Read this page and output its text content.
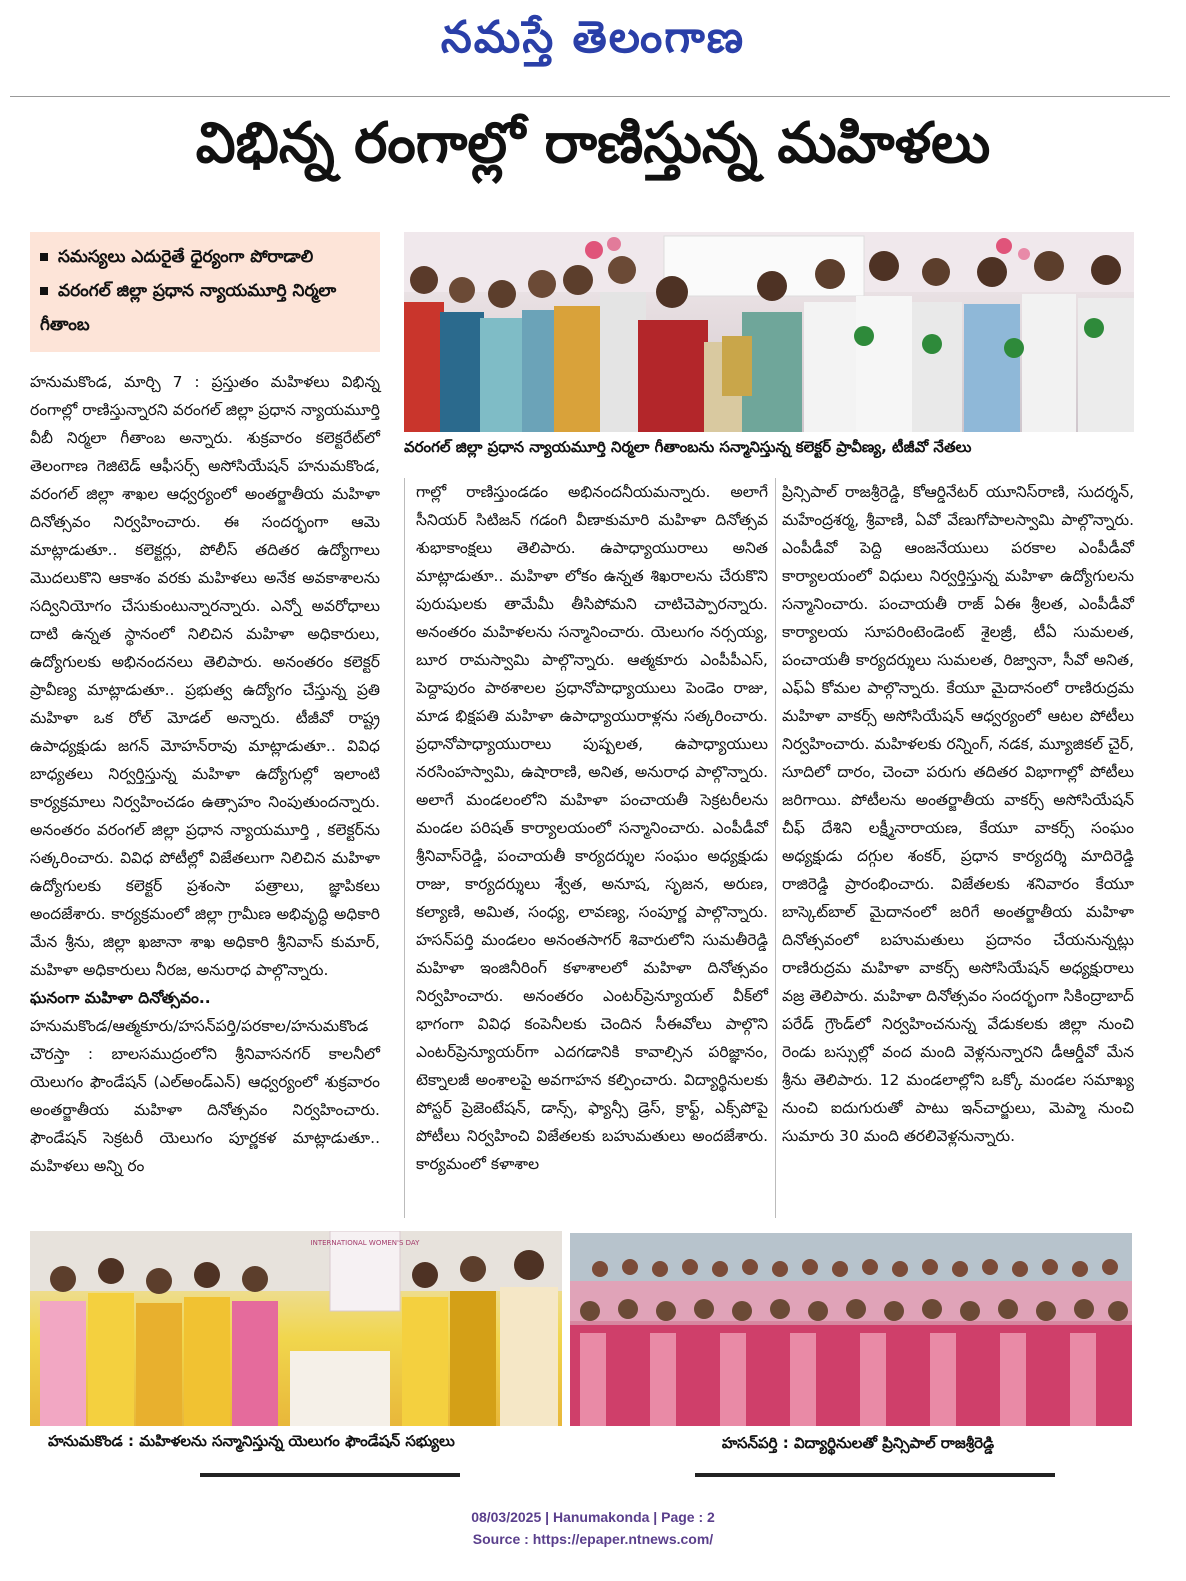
నమస్తే తెలంగాణ
విభిన్న రంగాల్లో రాణిస్తున్న మహిళలు

సమస్యలు ఎదురైతే ధైర్యంగా పోరాడాలి

వరంగల్ జిల్లా ప్రధాన న్యాయమూర్తి నిర్మలా గీతాంబ

వరంగల్ జిల్లా ప్రధాన న్యాయమూర్తి నిర్మలా గీతాంబను సన్మానిస్తున్న కలెక్టర్ ప్రావీణ్య, టీజీవో నేతలు

హనుమకొండ, మార్చి 7 : ప్రస్తుతం మహిళలు విభిన్న రంగాల్లో రాణిస్తున్నారని వరంగల్ జిల్లా ప్రధాన న్యాయమూర్తి వీబీ నిర్మలా గీతాంబ అన్నారు. శుక్రవారం కలెక్టరేట్‌లో తెలంగాణ గెజిటెడ్ ఆఫీసర్స్ అసోసియేషన్ హనుమకొండ, వరంగల్ జిల్లా శాఖల ఆధ్వర్యంలో అంతర్జాతీయ మహిళా దినోత్సవం నిర్వహించారు. ఈ సందర్భంగా ఆమె మాట్లాడుతూ.. కలెక్టర్లు, పోలీస్ తదితర ఉద్యోగాలు మొదలుకొని ఆకాశం వరకు మహిళలు అనేక అవకాశాలను సద్వినియోగం చేసుకుంటున్నారన్నారు. ఎన్నో అవరోధాలు దాటి ఉన్నత స్థానంలో నిలిచిన మహిళా అధికారులు, ఉద్యోగులకు అభినందనలు తెలిపారు. అనంతరం కలెక్టర్ ప్రావీణ్య మాట్లాడుతూ.. ప్రభుత్వ ఉద్యోగం చేస్తున్న ప్రతి మహిళా ఒక రోల్ మోడల్ అన్నారు. టీజీవో రాష్ట్ర ఉపాధ్యక్షుడు జగన్ మోహన్‌రావు మాట్లాడుతూ.. వివిధ బాధ్యతలు నిర్వర్తిస్తున్న మహిళా ఉద్యోగుల్లో ఇలాంటి కార్యక్రమాలు నిర్వహించడం ఉత్సాహం నింపుతుందన్నారు. అనంతరం వరంగల్ జిల్లా ప్రధాన న్యాయమూర్తి , కలెక్టర్‌ను సత్కరించారు. వివిధ పోటీల్లో విజేతలుగా నిలిచిన మహిళా ఉద్యోగులకు కలెక్టర్ ప్రశంసా పత్రాలు, జ్ఞాపికలు అందజేశారు. కార్యక్రమంలో జిల్లా గ్రామీణ అభివృద్ధి అధికారి మేన శ్రీను, జిల్లా ఖజానా శాఖ అధికారి శ్రీనివాస్ కుమార్, మహిళా అధికారులు నీరజ, అనురాధ పాల్గొన్నారు.

ఘనంగా మహిళా దినోత్సవం..

హనుమకొండ/ఆత్మకూరు/హసన్‌పర్తి/పరకాల/హనుమకొండ చౌరస్తా : బాలసముద్రంలోని శ్రీనివాసనగర్ కాలనీలో యెలుగం ఫౌండేషన్ (ఎల్అండ్‌ఎన్) ఆధ్వర్యంలో శుక్రవారం అంతర్జాతీయ మహిళా దినోత్సవం నిర్వహించారు. ఫౌండేషన్ సెక్రటరీ యెలుగం పూర్ణకళ మాట్లాడుతూ.. మహిళలు అన్ని రం

గాల్లో రాణిస్తుండడం అభినందనీయమన్నారు. అలాగే సీనియర్ సిటిజన్ గడంగి వీణాకుమారి మహిళా దినోత్సవ శుభాకాంక్షలు తెలిపారు. ఉపాధ్యాయురాలు అనిత మాట్లాడుతూ.. మహిళా లోకం ఉన్నత శిఖరాలను చేరుకొని పురుషులకు తామేమీ తీసిపోమని చాటిచెప్పారన్నారు. అనంతరం మహిళలను సన్మానించారు. యెలుగం నర్సయ్య, బూర రామస్వామి పాల్గొన్నారు. ఆత్మకూరు ఎంపీపీఎస్, పెద్దాపురం పాఠశాలల ప్రధానోపాధ్యాయులు పెండెం రాజు, మాడ భిక్షపతి మహిళా ఉపాధ్యాయురాళ్లను సత్కరించారు. ప్రధానోపాధ్యాయురాలు పుష్పలత, ఉపాధ్యాయులు నరసింహస్వామి, ఉషారాణి, అనిత, అనురాధ పాల్గొన్నారు. అలాగే మండలంలోని మహిళా పంచాయతీ సెక్రటరీలను మండల పరిషత్ కార్యాలయంలో సన్మానించారు. ఎంపీడీవో శ్రీనివాస్‌రెడ్డి, పంచాయతీ కార్యదర్శుల సంఘం అధ్యక్షుడు రాజు, కార్యదర్శులు శ్వేత, అనూష, సృజన, అరుణ, కల్యాణి, అమిత, సంధ్య, లావణ్య, సంపూర్ణ పాల్గొన్నారు. హసన్‌పర్తి మండలం అనంతసాగర్ శివారులోని సుమతీరెడ్డి మహిళా ఇంజినీరింగ్ కళాశాలలో మహిళా దినోత్సవం నిర్వహించారు. అనంతరం ఎంటర్‌ప్రెన్యూయల్ వీక్‌లో భాగంగా వివిధ కంపెనీలకు చెందిన సీఈవోలు పాల్గొని ఎంటర్‌ప్రెన్యూయర్‌గా ఎదగడానికి కావాల్సిన పరిజ్ఞానం, టెక్నాలజీ అంశాలపై అవగాహన కల్పించారు. విద్యార్థినులకు పోస్టర్ ప్రెజెంటేషన్, డాన్స్, ఫ్యాన్సీ డ్రెస్, క్రాఫ్ట్, ఎక్స్‌పోపై పోటీలు నిర్వహించి విజేతలకు బహుమతులు అందజేశారు. కార్యమంలో కళాశాల

ప్రిన్సిపాల్ రాజశ్రీరెడ్డి, కోఆర్డినేటర్ యూనిస్‌రాణి, సుదర్శన్, మహేంద్రశర్మ, శ్రీవాణి, ఏవో వేణుగోపాలస్వామి పాల్గొన్నారు. ఎంపీడీవో పెద్ది ఆంజనేయులు పరకాల ఎంపీడీవో కార్యాలయంలో విధులు నిర్వర్తిస్తున్న మహిళా ఉద్యోగులను సన్మానించారు. పంచాయతీ రాజ్ ఏఈ శ్రీలత, ఎంపీడీవో కార్యాలయ సూపరింటెండెంట్ శైలజ్రీ, టీఏ సుమలత, పంచాయతీ కార్యదర్శులు సుమలత, రిజ్వానా, సీవో అనిత, ఎఫ్‌ఏ కోమల పాల్గొన్నారు. కేయూ మైదానంలో రాణిరుద్రమ మహిళా వాకర్స్ అసోసియేషన్ ఆధ్వర్యంలో ఆటల పోటీలు నిర్వహించారు. మహిళలకు రన్నింగ్, నడక, మ్యూజికల్ చైర్, సూదిలో దారం, చెంచా పరుగు తదితర విభాగాల్లో పోటీలు జరిగాయి. పోటీలను అంతర్జాతీయ వాకర్స్ అసోసియేషన్ చీఫ్ దేశిని లక్ష్మీనారాయణ, కేయూ వాకర్స్ సంఘం అధ్యక్షుడు దగ్గుల శంకర్, ప్రధాన కార్యదర్శి మాదిరెడ్డి రాజిరెడ్డి ప్రారంభించారు. విజేతలకు శనివారం కేయూ బాస్కెట్‌బాల్ మైదానంలో జరిగే అంతర్జాతీయ మహిళా దినోత్సవంలో బహుమతులు ప్రదానం చేయనున్నట్లు రాణిరుద్రమ మహిళా వాకర్స్ అసోసియేషన్ అధ్యక్షురాలు వజ్ర తెలిపారు. మహిళా దినోత్సవం సందర్భంగా సికింద్రాబాద్ పరేడ్ గ్రౌండ్‌లో నిర్వహించనున్న వేడుకలకు జిల్లా నుంచి రెండు బస్సుల్లో వంద మంది వెళ్లనున్నారని డీఆర్డీవో మేన శ్రీను తెలిపారు. 12 మండలాల్లోని ఒక్కో మండల సమాఖ్య నుంచి ఐదుగురుతో పాటు ఇన్‌చార్జులు, మెప్మా నుంచి సుమారు 30 మంది తరలివెళ్లనున్నారు.

INTERNATIONAL WOMEN'S DAY
హనుమకొండ : మహిళలను సన్మానిస్తున్న యెలుగం ఫౌండేషన్ సభ్యులు	హసన్‌పర్తి : విద్యార్థినులతో ప్రిన్సిపాల్ రాజశ్రీరెడ్డి

08/03/2025 | Hanumakonda | Page : 2
Source : https://epaper.ntnews.com/
